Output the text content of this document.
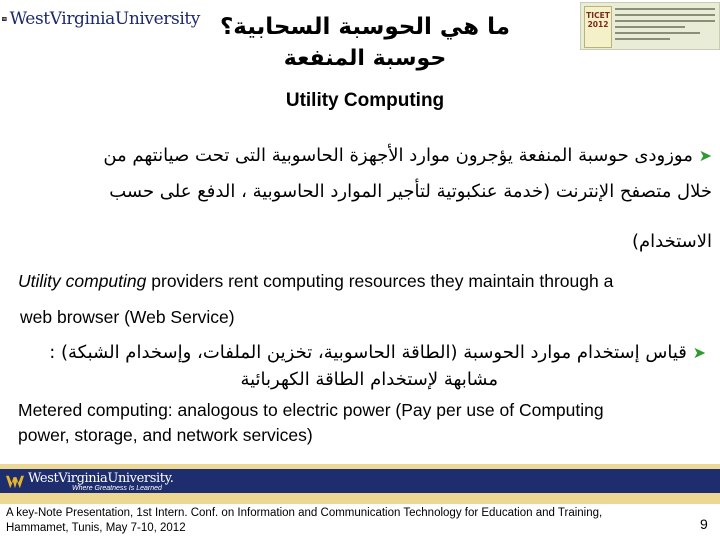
WestVirginiaUniversity	TICET 2012
ما هي الحوسبة السحابية؟
حوسبة المنفعة
Utility Computing
➤ موزودى حوسبة المنفعة يؤجرون موارد الأجهزة الحاسوبية التى تحت صيانتهم من
خلال متصفح الإنترنت (خدمة عنكبوتية لتأجير الموارد الحاسوبية ، الدفع على حسب
الاستخدام)
Utility computing providers rent computing resources they maintain through a
web browser (Web Service)
➤ قياس إستخدام موارد الحوسبة (الطاقة الحاسوبية، تخزين الملفات، وإسخدام الشبكة) :
مشابهة لإستخدام الطاقة الكهربائية
Metered computing: analogous to electric power (Pay per use of Computing
power, storage, and network services)
WestVirginiaUniversity.
Where Greatness Is Learned
A key-Note Presentation, 1st Intern. Conf. on Information and Communication Technology for Education and Training,
Hammamet, Tunis, May 7-10, 2012	9
